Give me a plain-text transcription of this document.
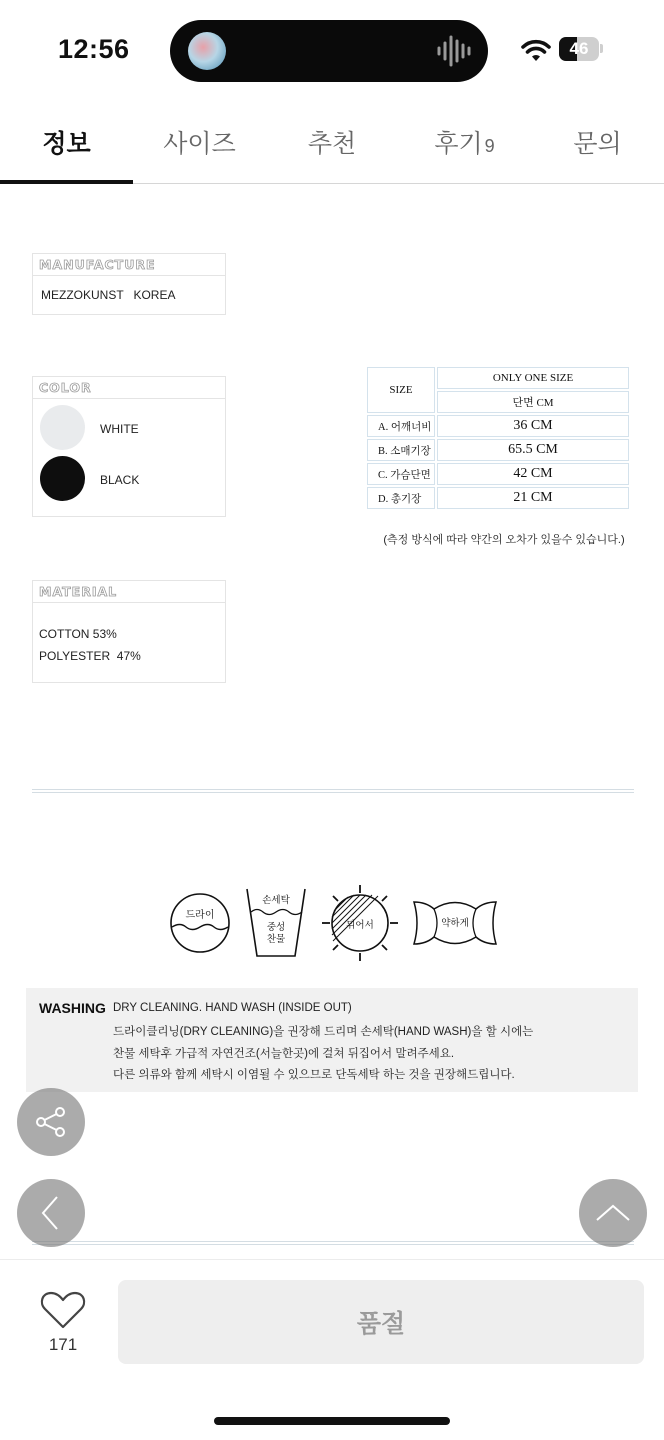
12:56	46
정보	사이즈	추천	후기 9	문의
MANUFACTURE
MEZZOKUNST   KOREA
COLOR
WHITE
BLACK
MATERIAL
COTTON 53%
POLYESTER  47%
SIZE	ONLY ONE SIZE
	단면 CM
A. 어깨너비	36 CM
B. 소매기장	65.5 CM
C. 가슴단면	42 CM
D. 총기장	21 CM
(측정 방식에 따라 약간의 오차가 있을수 있습니다.)
드라이
손세탁
중성
찬물
뒤어서	약하게
WASHING DRY CLEANING. HAND WASH (INSIDE OUT)
드라이클리닝(DRY CLEANING)을 권장해 드리며 손세탁(HAND WASH)을 할 시에는
찬물 세탁후 가급적 자연건조(서늘한곳)에 걸쳐 뒤집어서 말려주세요.
다른 의류와 함께 세탁시 이염될 수 있으므로 단독세탁 하는 것을 권장해드립니다.
171
품절
